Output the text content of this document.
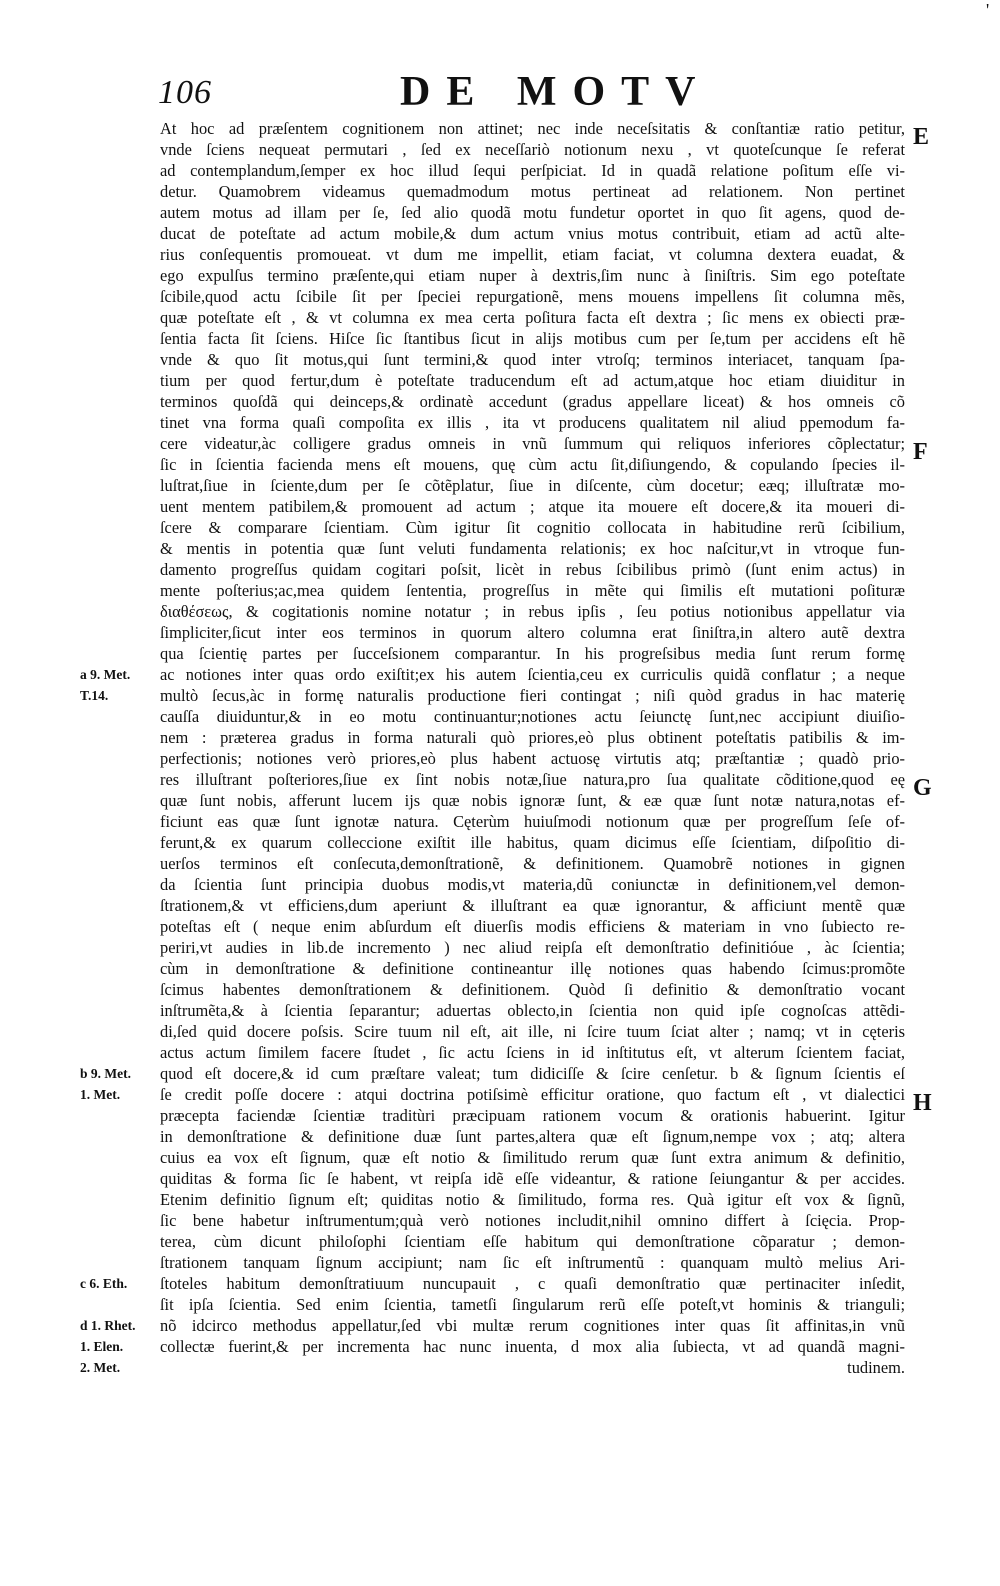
106	DE MOTV
'
At hoc ad præſentem cognitionem non attinet; nec inde neceſsitatis & conſtantiæ ratio petitur,
vnde ſciens nequeat permutari , ſed ex neceſſariò notionum nexu , vt quoteſcunque ſe referat
ad contemplandum,ſemper ex hoc illud ſequi perſpiciat. Id in quadã relatione poſitum eſſe vi-
detur. Quamobrem videamus quemadmodum motus pertineat ad relationem. Non pertinet
autem motus ad illam per ſe, ſed alio quodã motu fundetur oportet in quo ſit agens, quod de-
ducat de poteſtate ad actum mobile,& dum actum vnius motus contribuit, etiam ad actũ alte-
rius conſequentis promoueat. vt dum me impellit, etiam faciat, vt columna dextera euadat, &
ego expulſus termino præſente,qui etiam nuper à dextris,ſim nunc à ſiniſtris. Sim ego poteſtate
ſcibile,quod actu ſcibile ſit per ſpeciei repurgationẽ, mens mouens impellens ſit columna mẽs,
quæ poteſtate eſt , & vt columna ex mea certa poſitura facta eſt dextra ; ſic mens ex obiecti præ-
ſentia facta ſit ſciens. Hiſce ſic ſtantibus ſicut in alijs motibus cum per ſe,tum per accidens eſt hẽ
vnde & quo ſit motus,qui ſunt termini,& quod inter vtroſq; terminos interiacet, tanquam ſpa-
tium per quod fertur,dum è poteſtate traducendum eſt ad actum,atque hoc etiam diuiditur in
terminos quoſdã qui deinceps,& ordinatè accedunt (gradus appellare liceat) & hos omneis cõ
tinet vna forma quaſi compoſita ex illis , ita vt producens qualitatem nil aliud ppemodum fa-
cere videatur,àc colligere gradus omneis in vnũ ſummum qui reliquos inferiores cõplectatur;
ſic in ſcientia facienda mens eſt mouens, quę cùm actu ſit,diſiungendo, & copulando ſpecies il-
luſtrat,ſiue in ſciente,dum per ſe cõtẽplatur, ſiue in diſcente, cùm docetur; eæq; illuſtratæ mo-
uent mentem patibilem,& promouent ad actum ; atque ita mouere eſt docere,& ita moueri di-
ſcere & comparare ſcientiam. Cùm igitur ſit cognitio collocata in habitudine rerũ ſcibilium,
& mentis in potentia quæ ſunt veluti fundamenta relationis; ex hoc naſcitur,vt in vtroque fun-
damento progreſſus quidam cogitari poſsit, licèt in rebus ſcibilibus primò (ſunt enim actus) in
mente poſterius;ac,mea quidem ſententia, progreſſus in mẽte qui ſimilis eſt mutationi poſituræ
διαθέσεως, & cogitationis nomine notatur ; in rebus ipſis , ſeu potius notionibus appellatur via
ſimpliciter,ſicut inter eos terminos in quorum altero columna erat ſiniſtra,in altero autẽ dextra
qua ſcientię partes per ſucceſsionem comparantur. In his progreſsibus media ſunt rerum formę
ac notiones inter quas ordo exiſtit;ex his autem ſcientia,ceu ex curriculis quidã conflatur ; a neque
multò ſecus,àc in formę naturalis productione fieri contingat ; niſi quòd gradus in hac materię
cauſſa diuiduntur,& in eo motu continuantur;notiones actu ſeiunctę ſunt,nec accipiunt diuiſio-
nem : præterea gradus in forma naturali quò priores,eò plus obtinent poteſtatis patibilis & im-
perfectionis; notiones verò priores,eò plus habent actuosę virtutis atq; præſtantiæ ; quadò prio-
res illuſtrant poſteriores,ſiue ex ſint nobis notæ,ſiue natura,pro ſua qualitate cõditione,quod eę
quæ ſunt nobis, afferunt lucem ijs quæ nobis ignoræ ſunt, & eæ quæ ſunt notæ natura,notas ef-
ficiunt eas quæ ſunt ignotæ natura. Cęterùm huiuſmodi notionum quæ per progreſſum ſeſe of-
ferunt,& ex quarum colleccione exiſtit ille habitus, quam dicimus eſſe ſcientiam, diſpoſitio di-
uerſos terminos eſt conſecuta,demonſtrationẽ, & definitionem. Quamobrẽ notiones in gignen
da ſcientia ſunt principia duobus modis,vt materia,dũ coniunctæ in definitionem,vel demon-
ſtrationem,& vt efficiens,dum aperiunt & illuſtrant ea quæ ignorantur, & afficiunt mentẽ quæ
poteſtas eſt ( neque enim abſurdum eſt diuerſis modis efficiens & materiam in vno ſubiecto re-
periri,vt audies in lib.de incremento ) nec aliud reipſa eſt demonſtratio definitióue , àc ſcientia;
cùm in demonſtratione & definitione contineantur illę notiones quas habendo ſcimus:promõte
ſcimus habentes demonſtrationem & definitionem. Quòd ſi definitio & demonſtratio vocant
inſtrumẽta,& à ſcientia ſeparantur; aduertas oblecto,in ſcientia non quid ipſe cognoſcas attẽdi-
di,ſed quid docere poſsis. Scire tuum nil eſt, ait ille, ni ſcire tuum ſciat alter ; namq; vt in cęteris
actus actum ſimilem facere ſtudet , ſic actu ſciens in id inſtitutus eſt, vt alterum ſcientem faciat,
quod eſt docere,& id cum præſtare valeat; tum didiciſſe & ſcire cenſetur. b & ſignum ſcientis eſ
ſe credit poſſe docere : atqui doctrina potiſsimè efficitur oratione, quo factum eſt , vt dialectici
præcepta faciendæ ſcientiæ traditùri præcipuam rationem vocum & orationis habuerint. Igitur
in demonſtratione & definitione duæ ſunt partes,altera quæ eſt ſignum,nempe vox ; atq; altera
cuius ea vox eſt ſignum, quæ eſt notio & ſimilitudo rerum quæ ſunt extra animum & definitio,
quiditas & forma ſic ſe habent, vt reipſa idẽ eſſe videantur, & ratione ſeiungantur & per accides.
Etenim definitio ſignum eſt; quiditas notio & ſimilitudo, forma res. Quà igitur eſt vox & ſignũ,
ſic bene habetur inſtrumentum;quà verò notiones includit,nihil omnino differt à ſcięcia. Prop-
terea, cùm dicunt philoſophi ſcientiam eſſe habitum qui demonſtratione cõparatur ; demon-
ſtrationem tanquam ſignum accipiunt; nam ſic eſt inſtrumentũ : quanquam multò melius Ari-
ſtoteles habitum demonſtratiuum nuncupauit , c quaſi demonſtratio quæ pertinaciter inſedit,
ſit ipſa ſcientia. Sed enim ſcientia, tametſi ſingularum rerũ eſſe poteſt,vt hominis & trianguli;
nõ idcirco methodus appellatur,ſed vbi multæ rerum cognitiones inter quas ſit affinitas,in vnũ
collectæ fuerint,& per incrementa hac nunc inuenta, d mox alia ſubiecta, vt ad quandã magni-
tudinem.
a 9. Met.
T.14.
b 9. Met.
1. Met.
c 6. Eth.
d 1. Rhet.
1. Elen.
2. Met.
E
F
G
H
